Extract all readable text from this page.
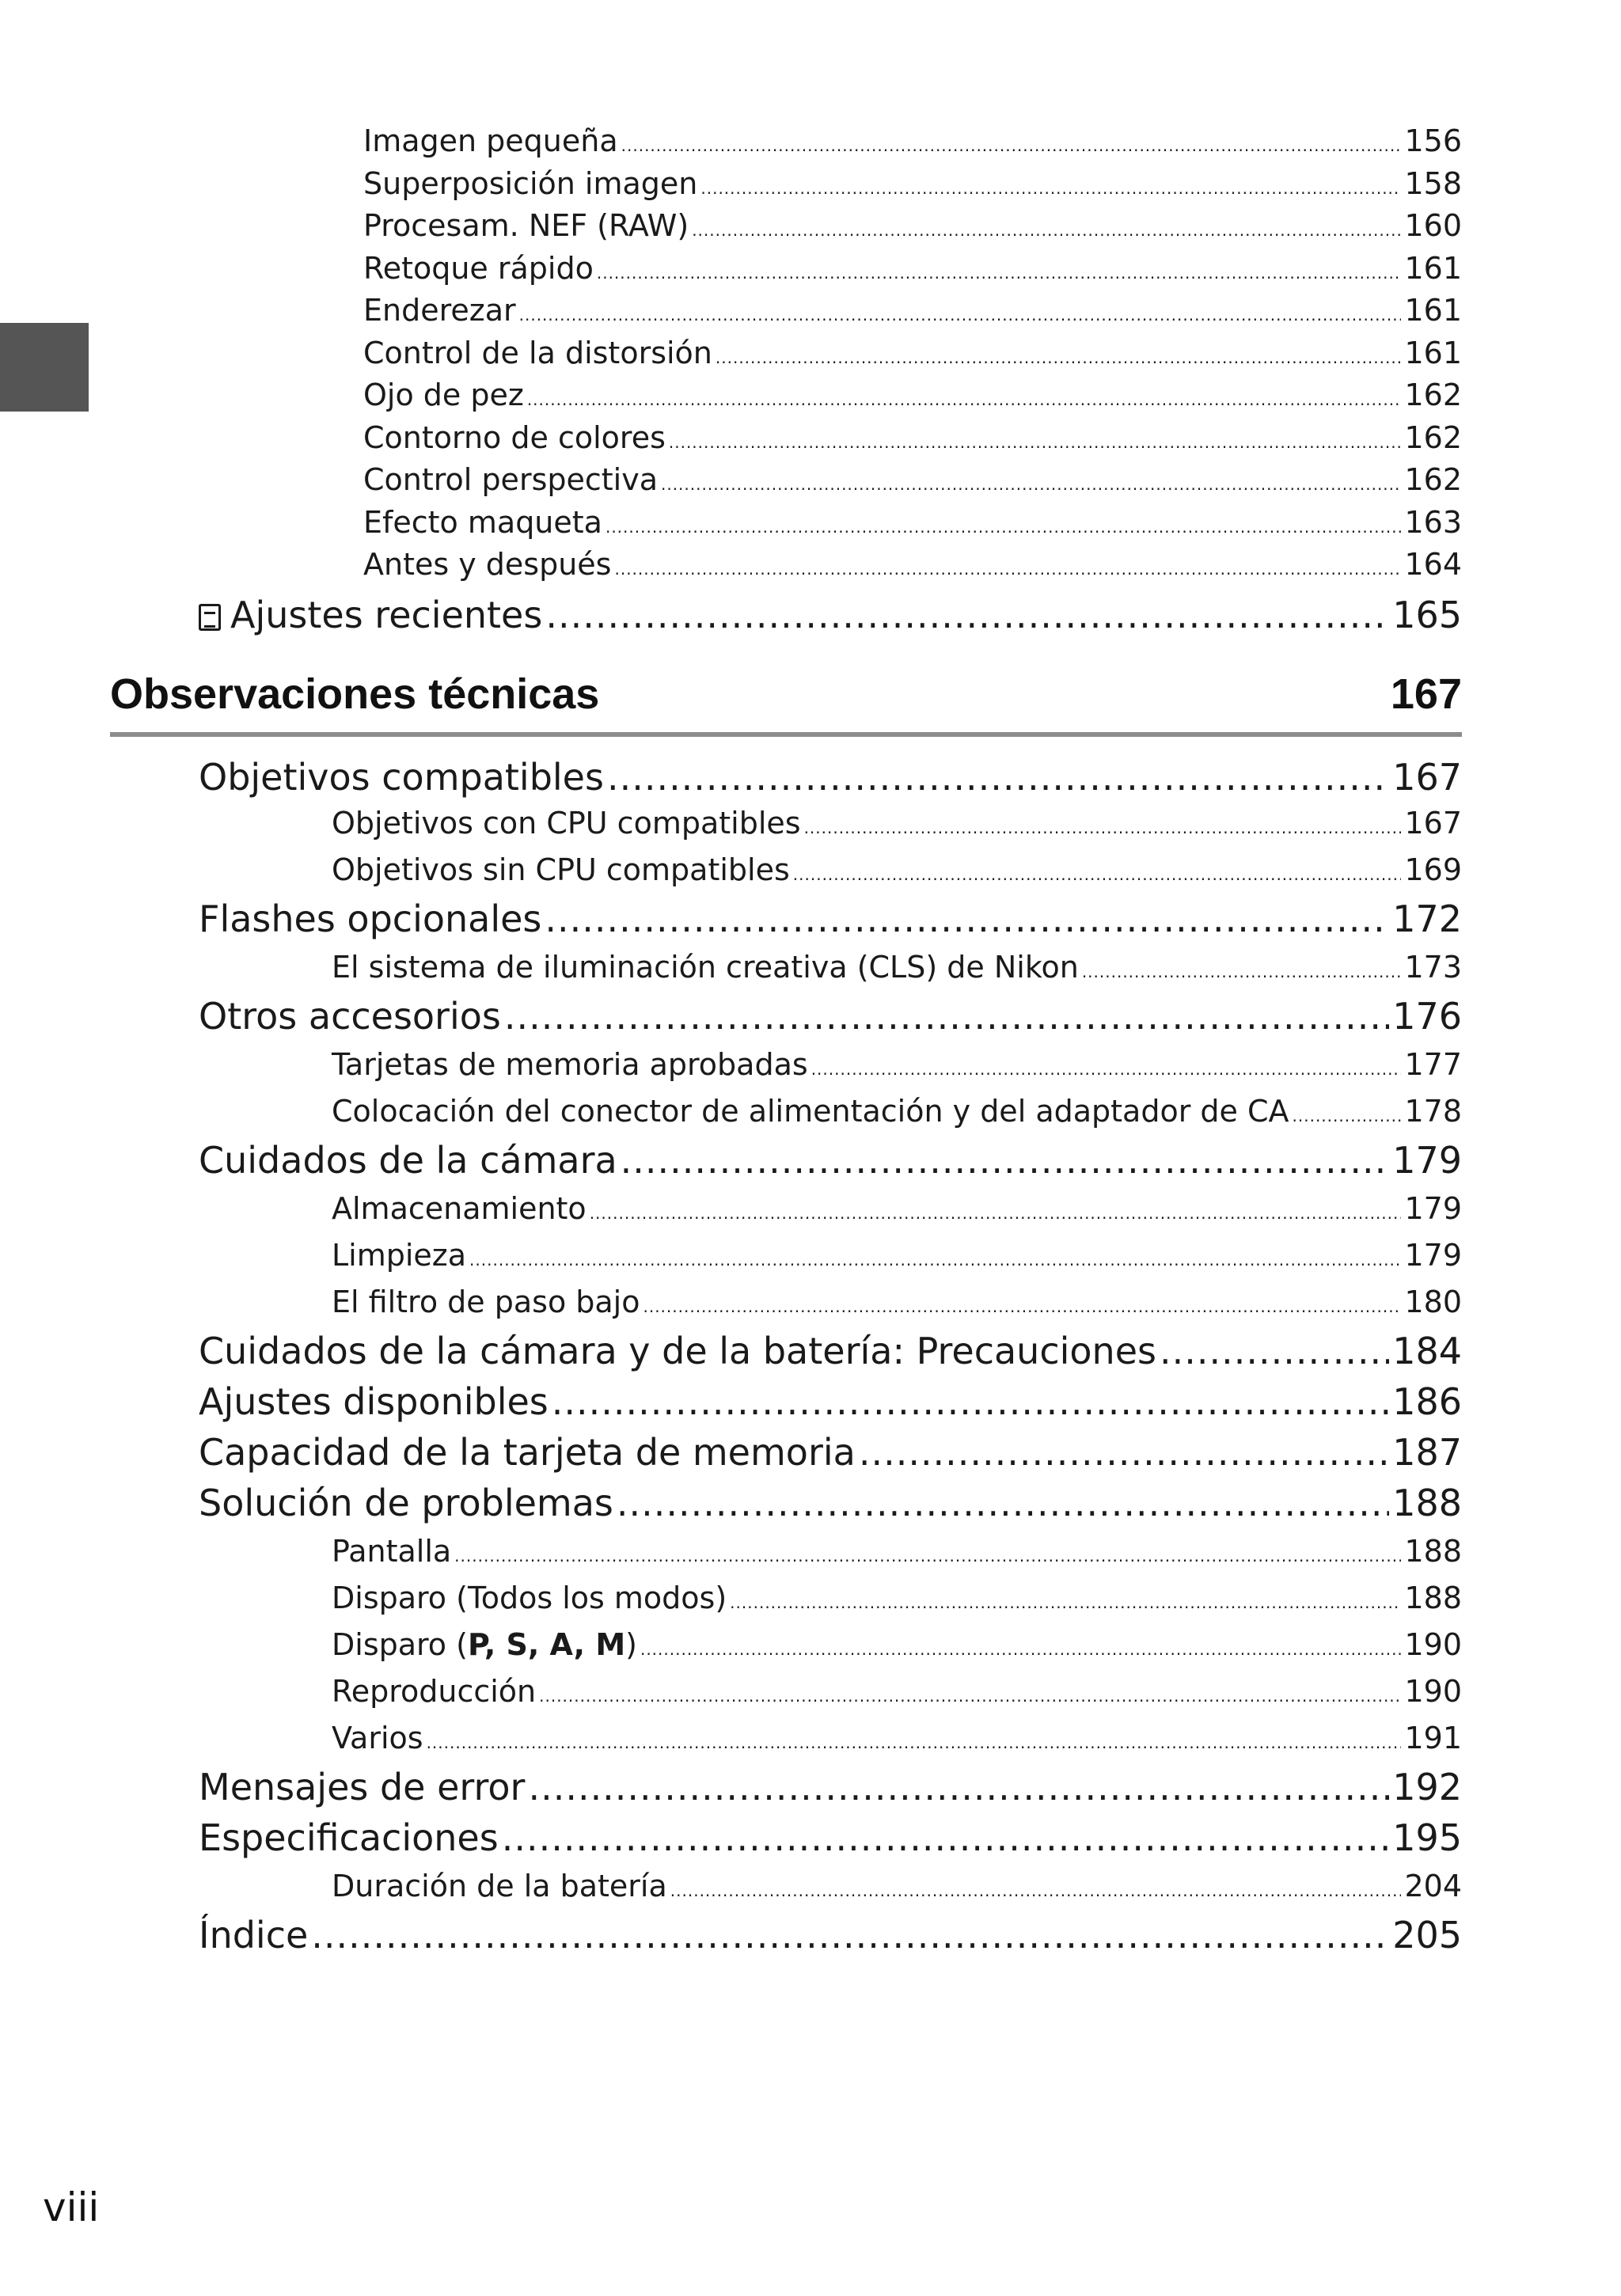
Imagen pequeña .....	156
Superposición imagen .....	158
Procesam. NEF (RAW) .....	160
Retoque rápido .....	161
Enderezar .....	161
Control de la distorsión .....	161
Ojo de pez .....	162
Contorno de colores .....	162
Control perspectiva .....	162
Efecto maqueta .....	163
Antes y después .....	164
Ajustes recientes .....	165
Observaciones técnicas	167
Objetivos compatibles .....	167
Objetivos con CPU compatibles .....	167
Objetivos sin CPU compatibles .....	169
Flashes opcionales .....	172
El sistema de iluminación creativa (CLS) de Nikon .....	173
Otros accesorios .....	176
Tarjetas de memoria aprobadas .....	177
Colocación del conector de alimentación y del adaptador de CA .....	178
Cuidados de la cámara .....	179
Almacenamiento .....	179
Limpieza .....	179
El filtro de paso bajo .....	180
Cuidados de la cámara y de la batería: Precauciones .....	184
Ajustes disponibles .....	186
Capacidad de la tarjeta de memoria .....	187
Solución de problemas .....	188
Pantalla .....	188
Disparo (Todos los modos) .....	188
Disparo (P, S, A, M) .....	190
Reproducción .....	190
Varios .....	191
Mensajes de error .....	192
Especificaciones .....	195
Duración de la batería .....	204
Índice .....	205
viii
